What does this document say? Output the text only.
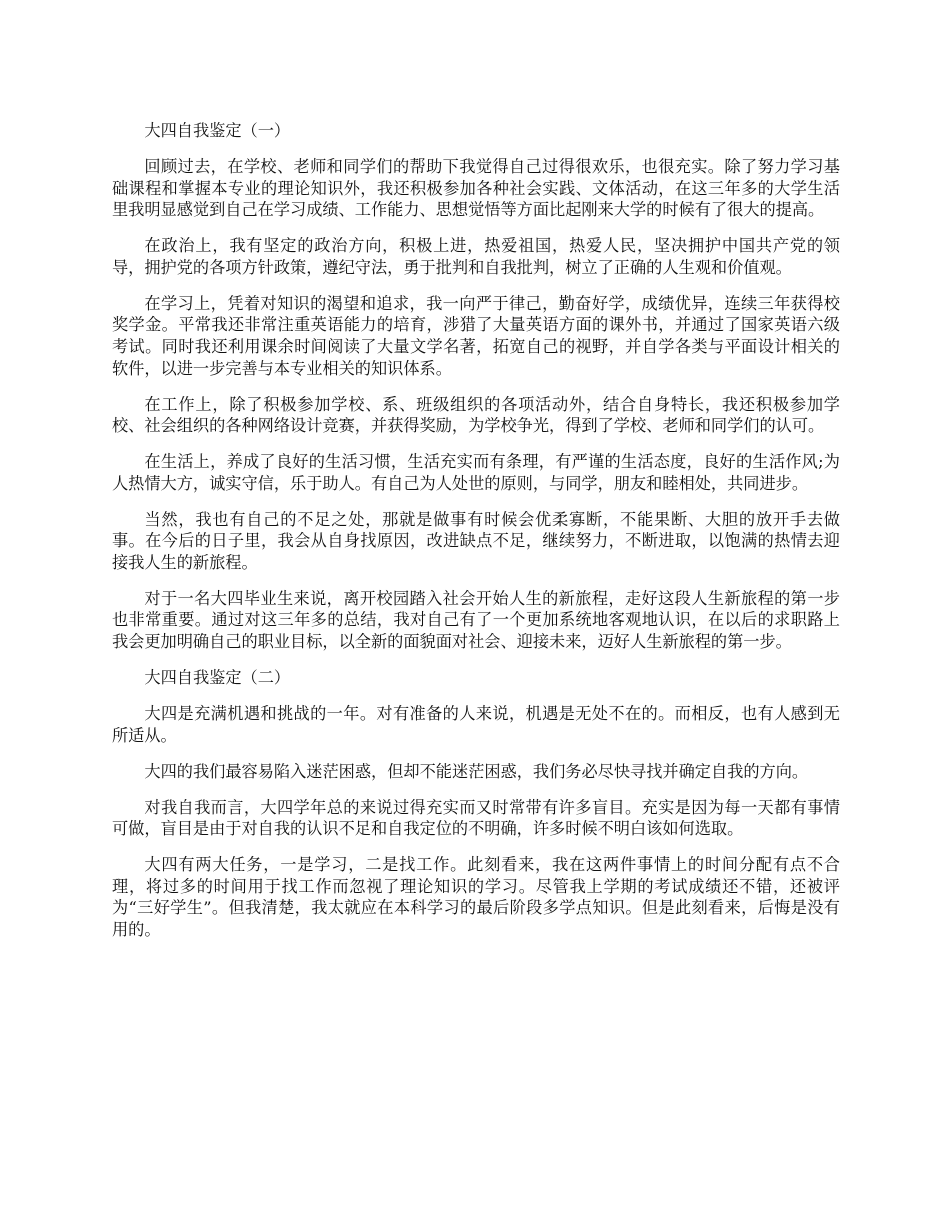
大四自我鉴定（一）

回顾过去，在学校、老师和同学们的帮助下我觉得自己过得很欢乐，也很充实。除了努力学习基础课程和掌握本专业的理论知识外，我还积极参加各种社会实践、文体活动，在这三年多的大学生活里我明显感觉到自己在学习成绩、工作能力、思想觉悟等方面比起刚来大学的时候有了很大的提高。

在政治上，我有坚定的政治方向，积极上进，热爱祖国，热爱人民，坚决拥护中国共产党的领导，拥护党的各项方针政策，遵纪守法，勇于批判和自我批判，树立了正确的人生观和价值观。

在学习上，凭着对知识的渴望和追求，我一向严于律己，勤奋好学，成绩优异，连续三年获得校奖学金。平常我还非常注重英语能力的培育，涉猎了大量英语方面的课外书，并通过了国家英语六级考试。同时我还利用课余时间阅读了大量文学名著，拓宽自己的视野，并自学各类与平面设计相关的软件，以进一步完善与本专业相关的知识体系。

在工作上，除了积极参加学校、系、班级组织的各项活动外，结合自身特长，我还积极参加学校、社会组织的各种网络设计竞赛，并获得奖励，为学校争光，得到了学校、老师和同学们的认可。

在生活上，养成了良好的生活习惯，生活充实而有条理，有严谨的生活态度，良好的生活作风;为人热情大方，诚实守信，乐于助人。有自己为人处世的原则，与同学，朋友和睦相处，共同进步。

当然，我也有自己的不足之处，那就是做事有时候会优柔寡断，不能果断、大胆的放开手去做事。在今后的日子里，我会从自身找原因，改进缺点不足，继续努力，不断进取，以饱满的热情去迎接我人生的新旅程。

对于一名大四毕业生来说，离开校园踏入社会开始人生的新旅程，走好这段人生新旅程的第一步也非常重要。通过对这三年多的总结，我对自己有了一个更加系统地客观地认识，在以后的求职路上我会更加明确自己的职业目标，以全新的面貌面对社会、迎接未来，迈好人生新旅程的第一步。

大四自我鉴定（二）

大四是充满机遇和挑战的一年。对有准备的人来说，机遇是无处不在的。而相反，也有人感到无所适从。

大四的我们最容易陷入迷茫困惑，但却不能迷茫困惑，我们务必尽快寻找并确定自我的方向。

对我自我而言，大四学年总的来说过得充实而又时常带有许多盲目。充实是因为每一天都有事情可做，盲目是由于对自我的认识不足和自我定位的不明确，许多时候不明白该如何选取。

大四有两大任务，一是学习，二是找工作。此刻看来，我在这两件事情上的时间分配有点不合理，将过多的时间用于找工作而忽视了理论知识的学习。尽管我上学期的考试成绩还不错，还被评为“三好学生”。但我清楚，我太就应在本科学习的最后阶段多学点知识。但是此刻看来，后悔是没有用的。
